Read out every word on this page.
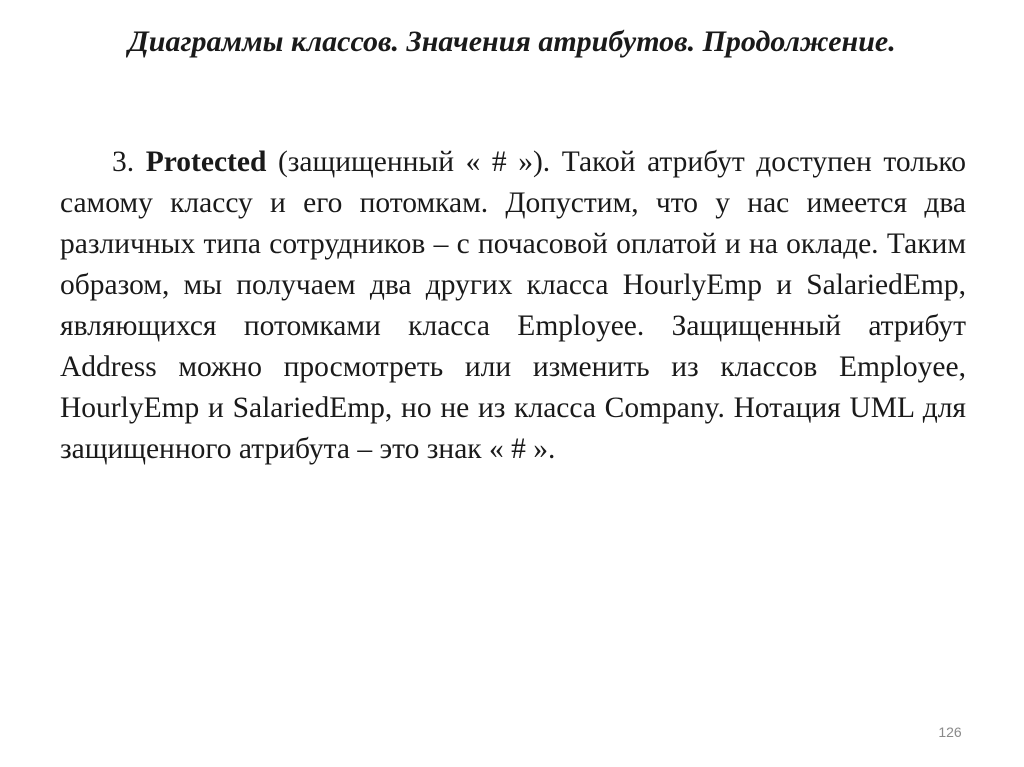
Диаграммы классов. Значения атрибутов. Продолжение.

3. Protected (защищенный « # »). Такой атрибут доступен только самому классу и его потомкам. Допустим, что у нас имеется два различных типа сотрудников – с почасовой оплатой и на окладе. Таким образом, мы получаем два других класса HourlyEmp и SalariedEmp, являющихся потомками класса Employee. Защищенный атрибут Address можно просмотреть или изменить из классов Employee, HourlyEmp и SalariedEmp, но не из класса Company. Нотация UML для защищенного атрибута – это знак « # ».

126
